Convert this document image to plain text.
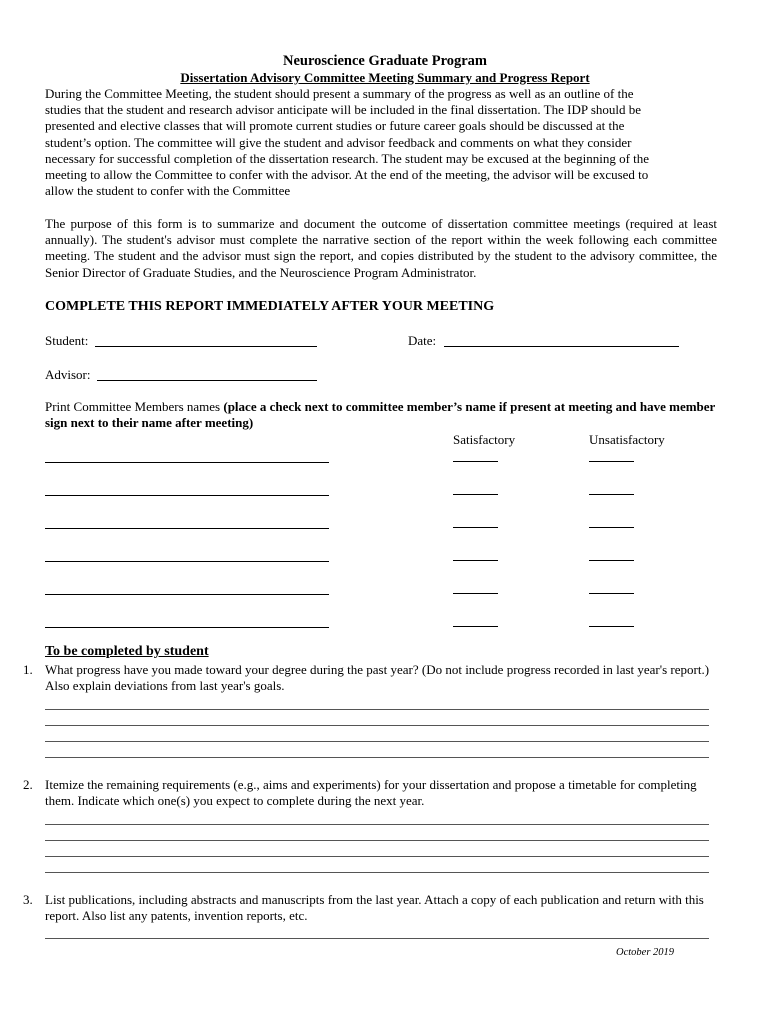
Neuroscience Graduate Program
Dissertation Advisory Committee Meeting Summary and Progress Report
During the Committee Meeting, the student should present a summary of the progress as well as an outline of the
studies that the student and research advisor anticipate will be included in the final dissertation. The IDP should be
presented and elective classes that will promote current studies or future career goals should be discussed at the
student’s option. The committee will give the student and advisor feedback and comments on what they consider
necessary for successful completion of the dissertation research. The student may be excused at the beginning of the
meeting to allow the Committee to confer with the advisor. At the end of the meeting, the advisor will be excused to
allow the student to confer with the Committee
The purpose of this form is to summarize and document the outcome of dissertation committee meetings (required at least annually). The student's advisor must complete the narrative section of the report within the week following each committee meeting. The student and the advisor must sign the report, and copies distributed by the student to the advisory committee, the Senior Director of Graduate Studies, and the Neuroscience Program Administrator.
COMPLETE THIS REPORT IMMEDIATELY AFTER YOUR MEETING
Student:	Date:
Advisor:
Print Committee Members names (place a check next to committee member’s name if present at meeting and have member sign next to their name after meeting)
Satisfactory	Unsatisfactory
To be completed by student
1. What progress have you made toward your degree during the past year? (Do not include progress recorded in last year's report.) Also explain deviations from last year's goals.
2. Itemize the remaining requirements (e.g., aims and experiments) for your dissertation and propose a timetable for completing them. Indicate which one(s) you expect to complete during the next year.
3. List publications, including abstracts and manuscripts from the last year. Attach a copy of each publication and return with this report. Also list any patents, invention reports, etc.
October 2019
